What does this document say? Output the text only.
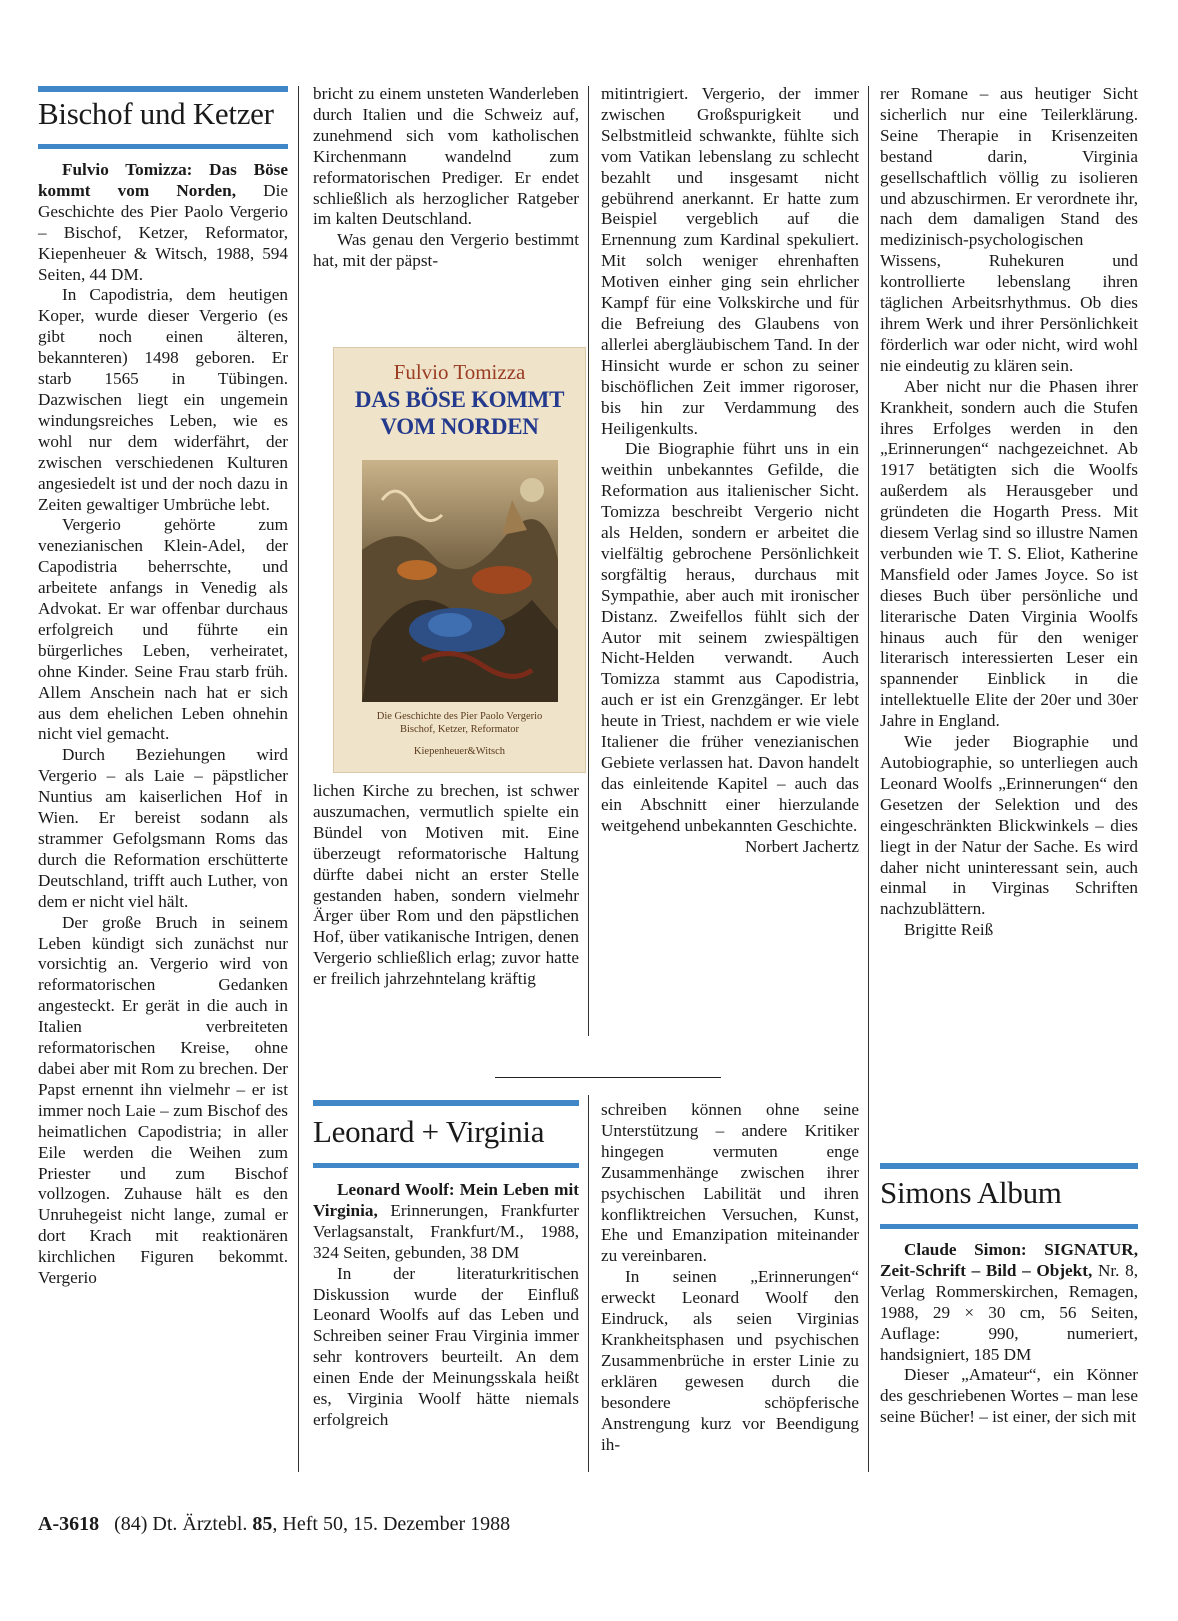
Bischof und Ketzer

Fulvio Tomizza: Das Böse kommt vom Norden, Die Geschichte des Pier Paolo Vergerio – Bischof, Ketzer, Reformator, Kiepenheuer & Witsch, 1988, 594 Seiten, 44 DM.

In Capodistria, dem heutigen Koper, wurde dieser Vergerio (es gibt noch einen älteren, bekannteren) 1498 geboren. Er starb 1565 in Tübingen. Dazwischen liegt ein ungemein windungsreiches Leben, wie es wohl nur dem widerfährt, der zwischen verschiedenen Kulturen angesiedelt ist und der noch dazu in Zeiten gewaltiger Umbrüche lebt.

Vergerio gehörte zum venezianischen Klein-Adel, der Capodistria beherrschte, und arbeitete anfangs in Venedig als Advokat. Er war offenbar durchaus erfolgreich und führte ein bürgerliches Leben, verheiratet, ohne Kinder. Seine Frau starb früh. Allem Anschein nach hat er sich aus dem ehelichen Leben ohnehin nicht viel gemacht.

Durch Beziehungen wird Vergerio – als Laie – päpstlicher Nuntius am kaiserlichen Hof in Wien. Er bereist sodann als strammer Gefolgsmann Roms das durch die Reformation erschütterte Deutschland, trifft auch Luther, von dem er nicht viel hält.

Der große Bruch in seinem Leben kündigt sich zunächst nur vorsichtig an. Vergerio wird von reformatorischen Gedanken angesteckt. Er gerät in die auch in Italien verbreiteten reformatorischen Kreise, ohne dabei aber mit Rom zu brechen. Der Papst ernennt ihn vielmehr – er ist immer noch Laie – zum Bischof des heimatlichen Capodistria; in aller Eile werden die Weihen zum Priester und zum Bischof vollzogen. Zuhause hält es den Unruhegeist nicht lange, zumal er dort Krach mit reaktionären kirchlichen Figuren bekommt. Vergerio

bricht zu einem unsteten Wanderleben durch Italien und die Schweiz auf, zunehmend sich vom katholischen Kirchenmann wandelnd zum reformatorischen Prediger. Er endet schließlich als herzoglicher Ratgeber im kalten Deutschland.

Was genau den Vergerio bestimmt hat, mit der päpst-

Fulvio Tomizza
DAS BÖSE KOMMT
VOM NORDEN
Die Geschichte des Pier Paolo Vergerio
Bischof, Ketzer, Reformator
Kiepenheuer&Witsch

lichen Kirche zu brechen, ist schwer auszumachen, vermutlich spielte ein Bündel von Motiven mit. Eine überzeugt reformatorische Haltung dürfte dabei nicht an erster Stelle gestanden haben, sondern vielmehr Ärger über Rom und den päpstlichen Hof, über vatikanische Intrigen, denen Vergerio schließlich erlag; zuvor hatte er freilich jahrzehntelang kräftig

mitintrigiert. Vergerio, der immer zwischen Großspurigkeit und Selbstmitleid schwankte, fühlte sich vom Vatikan lebenslang zu schlecht bezahlt und insgesamt nicht gebührend anerkannt. Er hatte zum Beispiel vergeblich auf die Ernennung zum Kardinal spekuliert. Mit solch weniger ehrenhaften Motiven einher ging sein ehrlicher Kampf für eine Volkskirche und für die Befreiung des Glaubens von allerlei abergläubischem Tand. In der Hinsicht wurde er schon zu seiner bischöflichen Zeit immer rigoroser, bis hin zur Verdammung des Heiligenkults.

Die Biographie führt uns in ein weithin unbekanntes Gefilde, die Reformation aus italienischer Sicht. Tomizza beschreibt Vergerio nicht als Helden, sondern er arbeitet die vielfältig gebrochene Persönlichkeit sorgfältig heraus, durchaus mit Sympathie, aber auch mit ironischer Distanz. Zweifellos fühlt sich der Autor mit seinem zwiespältigen Nicht-Helden verwandt. Auch Tomizza stammt aus Capodistria, auch er ist ein Grenzgänger. Er lebt heute in Triest, nachdem er wie viele Italiener die früher venezianischen Gebiete verlassen hat. Davon handelt das einleitende Kapitel – auch das ein Abschnitt einer hierzulande weitgehend unbekannten Geschichte.

Norbert Jachertz

Leonard + Virginia

Leonard Woolf: Mein Leben mit Virginia, Erinnerungen, Frankfurter Verlagsanstalt, Frankfurt/M., 1988, 324 Seiten, gebunden, 38 DM

In der literaturkritischen Diskussion wurde der Einfluß Leonard Woolfs auf das Leben und Schreiben seiner Frau Virginia immer sehr kontrovers beurteilt. An dem einen Ende der Meinungsskala heißt es, Virginia Woolf hätte niemals erfolgreich

schreiben können ohne seine Unterstützung – andere Kritiker hingegen vermuten enge Zusammenhänge zwischen ihrer psychischen Labilität und ihren konfliktreichen Versuchen, Kunst, Ehe und Emanzipation miteinander zu vereinbaren.

In seinen „Erinnerungen“ erweckt Leonard Woolf den Eindruck, als seien Virginias Krankheitsphasen und psychischen Zusammenbrüche in erster Linie zu erklären gewesen durch die besondere schöpferische Anstrengung kurz vor Beendigung ih-

rer Romane – aus heutiger Sicht sicherlich nur eine Teilerklärung. Seine Therapie in Krisenzeiten bestand darin, Virginia gesellschaftlich völlig zu isolieren und abzuschirmen. Er verordnete ihr, nach dem damaligen Stand des medizinisch-psychologischen Wissens, Ruhekuren und kontrollierte lebenslang ihren täglichen Arbeitsrhythmus. Ob dies ihrem Werk und ihrer Persönlichkeit förderlich war oder nicht, wird wohl nie eindeutig zu klären sein.

Aber nicht nur die Phasen ihrer Krankheit, sondern auch die Stufen ihres Erfolges werden in den „Erinnerungen“ nachgezeichnet. Ab 1917 betätigten sich die Woolfs außerdem als Herausgeber und gründeten die Hogarth Press. Mit diesem Verlag sind so illustre Namen verbunden wie T. S. Eliot, Katherine Mansfield oder James Joyce. So ist dieses Buch über persönliche und literarische Daten Virginia Woolfs hinaus auch für den weniger literarisch interessierten Leser ein spannender Einblick in die intellektuelle Elite der 20er und 30er Jahre in England.

Wie jeder Biographie und Autobiographie, so unterliegen auch Leonard Woolfs „Erinnerungen“ den Gesetzen der Selektion und des eingeschränkten Blickwinkels – dies liegt in der Natur der Sache. Es wird daher nicht uninteressant sein, auch einmal in Virginas Schriften nachzublättern.

Brigitte Reiß

Simons Album

Claude Simon: SIGNATUR, Zeit-Schrift – Bild – Objekt, Nr. 8, Verlag Rommerskirchen, Remagen, 1988, 29 × 30 cm, 56 Seiten, Auflage: 990, numeriert, handsigniert, 185 DM

Dieser „Amateur“, ein Könner des geschriebenen Wortes – man lese seine Bücher! – ist einer, der sich mit

A-3618 (84) Dt. Ärztebl. 85, Heft 50, 15. Dezember 1988
